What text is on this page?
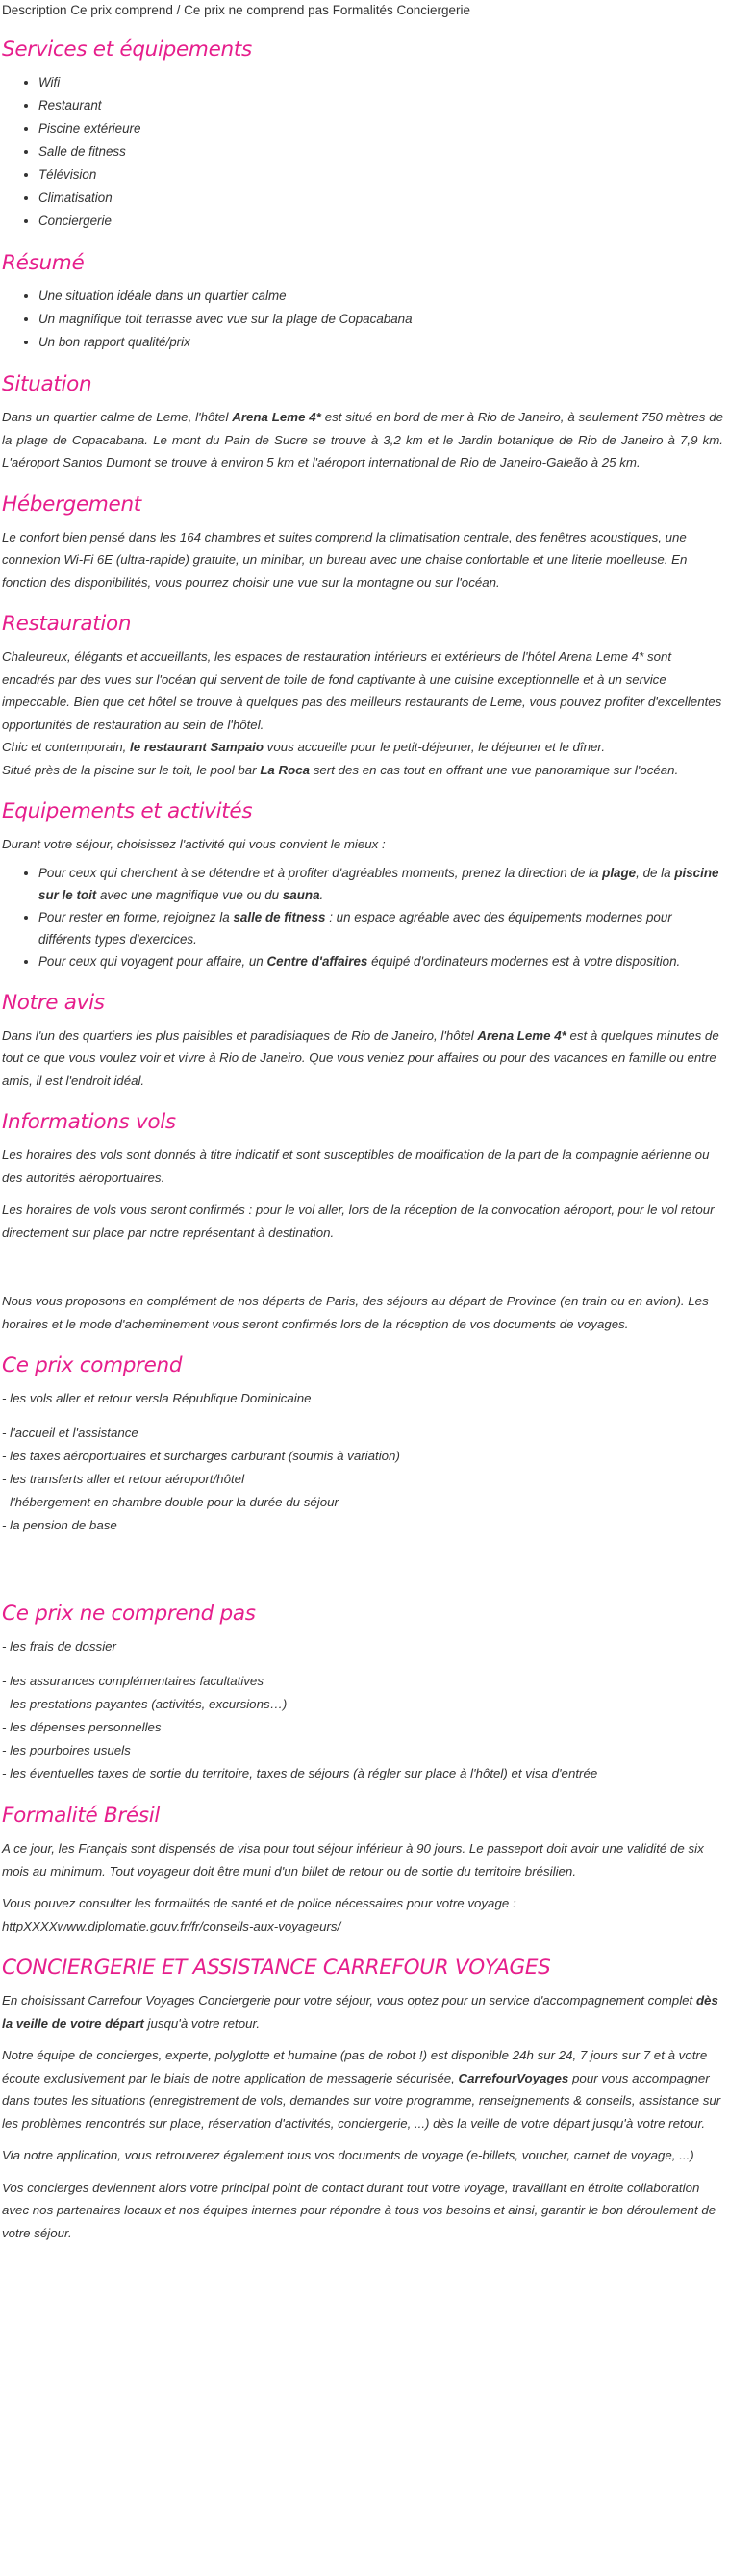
Description Ce prix comprend / Ce prix ne comprend pas Formalités Conciergerie
Services et équipements
• Wifi
• Restaurant
• Piscine extérieure
• Salle de fitness
• Télévision
• Climatisation
• Conciergerie
Résumé
• Une situation idéale dans un quartier calme
• Un magnifique toit terrasse avec vue sur la plage de Copacabana
• Un bon rapport qualité/prix
Situation

Dans un quartier calme de Leme, l'hôtel Arena Leme 4* est situé en bord de mer à Rio de Janeiro, à seulement 750 mètres de la plage de Copacabana. Le mont du Pain de Sucre se trouve à 3,2 km et le Jardin botanique de Rio de Janeiro à 7,9 km. L'aéroport Santos Dumont se trouve à environ 5 km et l'aéroport international de Rio de Janeiro-Galeão à 25 km.

Hébergement

Le confort bien pensé dans les 164 chambres et suites comprend la climatisation centrale, des fenêtres acoustiques, une connexion Wi-Fi 6E (ultra-rapide) gratuite, un minibar, un bureau avec une chaise confortable et une literie moelleuse. En fonction des disponibilités, vous pourrez choisir une vue sur la montagne ou sur l'océan.

Restauration

Chaleureux, élégants et accueillants, les espaces de restauration intérieurs et extérieurs de l'hôtel Arena Leme 4* sont encadrés par des vues sur l'océan qui servent de toile de fond captivante à une cuisine exceptionnelle et à un service impeccable. Bien que cet hôtel se trouve à quelques pas des meilleurs restaurants de Leme, vous pouvez profiter d'excellentes opportunités de restauration au sein de l'hôtel.

Chic et contemporain, le restaurant Sampaio vous accueille pour le petit-déjeuner, le déjeuner et le dîner.

Situé près de la piscine sur le toit, le pool bar La Roca sert des en cas tout en offrant une vue panoramique sur l'océan.

Equipements et activités

Durant votre séjour, choisissez l'activité qui vous convient le mieux :

• Pour ceux qui cherchent à se détendre et à profiter d'agréables moments, prenez la direction de la plage, de la piscine sur le toit avec une magnifique vue ou du sauna.
• Pour rester en forme, rejoignez la salle de fitness : un espace agréable avec des équipements modernes pour différents types d'exercices.
• Pour ceux qui voyagent pour affaire, un Centre d'affaires équipé d'ordinateurs modernes est à votre disposition.
Notre avis

Dans l'un des quartiers les plus paisibles et paradisiaques de Rio de Janeiro, l'hôtel Arena Leme 4* est à quelques minutes de tout ce que vous voulez voir et vivre à Rio de Janeiro. Que vous veniez pour affaires ou pour des vacances en famille ou entre amis, il est l'endroit idéal.

Informations vols

Les horaires des vols sont donnés à titre indicatif et sont susceptibles de modification de la part de la compagnie aérienne ou des autorités aéroportuaires.

Les horaires de vols vous seront confirmés : pour le vol aller, lors de la réception de la convocation aéroport, pour le vol retour directement sur place par notre représentant à destination.

Nous vous proposons en complément de nos départs de Paris, des séjours au départ de Province (en train ou en avion). Les horaires et le mode d'acheminement vous seront confirmés lors de la réception de vos documents de voyages.

Ce prix comprend
- les vols aller et retour versla République Dominicaine
- l'accueil et l'assistance
- les taxes aéroportuaires et surcharges carburant (soumis à variation)
- les transferts aller et retour aéroport/hôtel
- l'hébergement en chambre double pour la durée du séjour
- la pension de base
Ce prix ne comprend pas
- les frais de dossier
- les assurances complémentaires facultatives
- les prestations payantes (activités, excursions…)
- les dépenses personnelles
- les pourboires usuels
- les éventuelles taxes de sortie du territoire, taxes de séjours (à régler sur place à l'hôtel) et visa d'entrée
Formalité Brésil

A ce jour, les Français sont dispensés de visa pour tout séjour inférieur à 90 jours. Le passeport doit avoir une validité de six mois au minimum. Tout voyageur doit être muni d'un billet de retour ou de sortie du territoire brésilien.

Vous pouvez consulter les formalités de santé et de police nécessaires pour votre voyage :

httpXXXXwww.diplomatie.gouv.fr/fr/conseils-aux-voyageurs/

CONCIERGERIE ET ASSISTANCE CARREFOUR VOYAGES

En choisissant Carrefour Voyages Conciergerie pour votre séjour, vous optez pour un service d'accompagnement complet dès la veille de votre départ jusqu'à votre retour.

Notre équipe de concierges, experte, polyglotte et humaine (pas de robot !) est disponible 24h sur 24, 7 jours sur 7 et à votre écoute exclusivement par le biais de notre application de messagerie sécurisée, CarrefourVoyages pour vous accompagner dans toutes les situations (enregistrement de vols, demandes sur votre programme, renseignements & conseils, assistance sur les problèmes rencontrés sur place, réservation d'activités, conciergerie, ...) dès la veille de votre départ jusqu'à votre retour.

Via notre application, vous retrouverez également tous vos documents de voyage (e-billets, voucher, carnet de voyage, ...)

Vos concierges deviennent alors votre principal point de contact durant tout votre voyage, travaillant en étroite collaboration avec nos partenaires locaux et nos équipes internes pour répondre à tous vos besoins et ainsi, garantir le bon déroulement de votre séjour.
